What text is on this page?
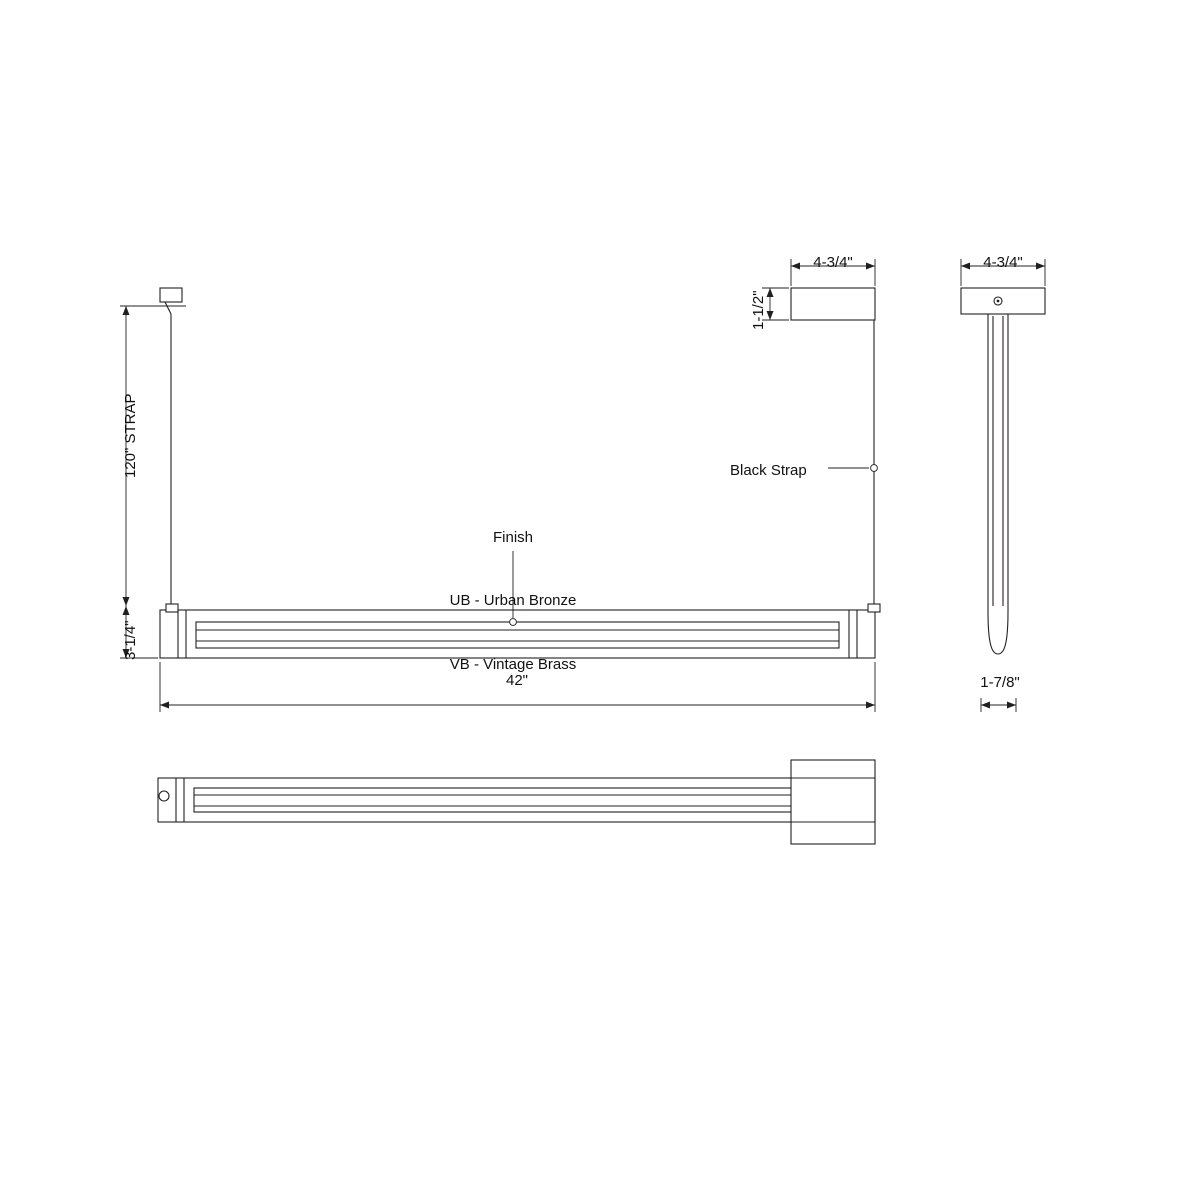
120" STRAP
3-1/4"
42"
4-3/4"	4-3/4"
1-1/2"
1-7/8"
Black Strap

Finish

UB - Urban Bronze

VB - Vintage Brass
